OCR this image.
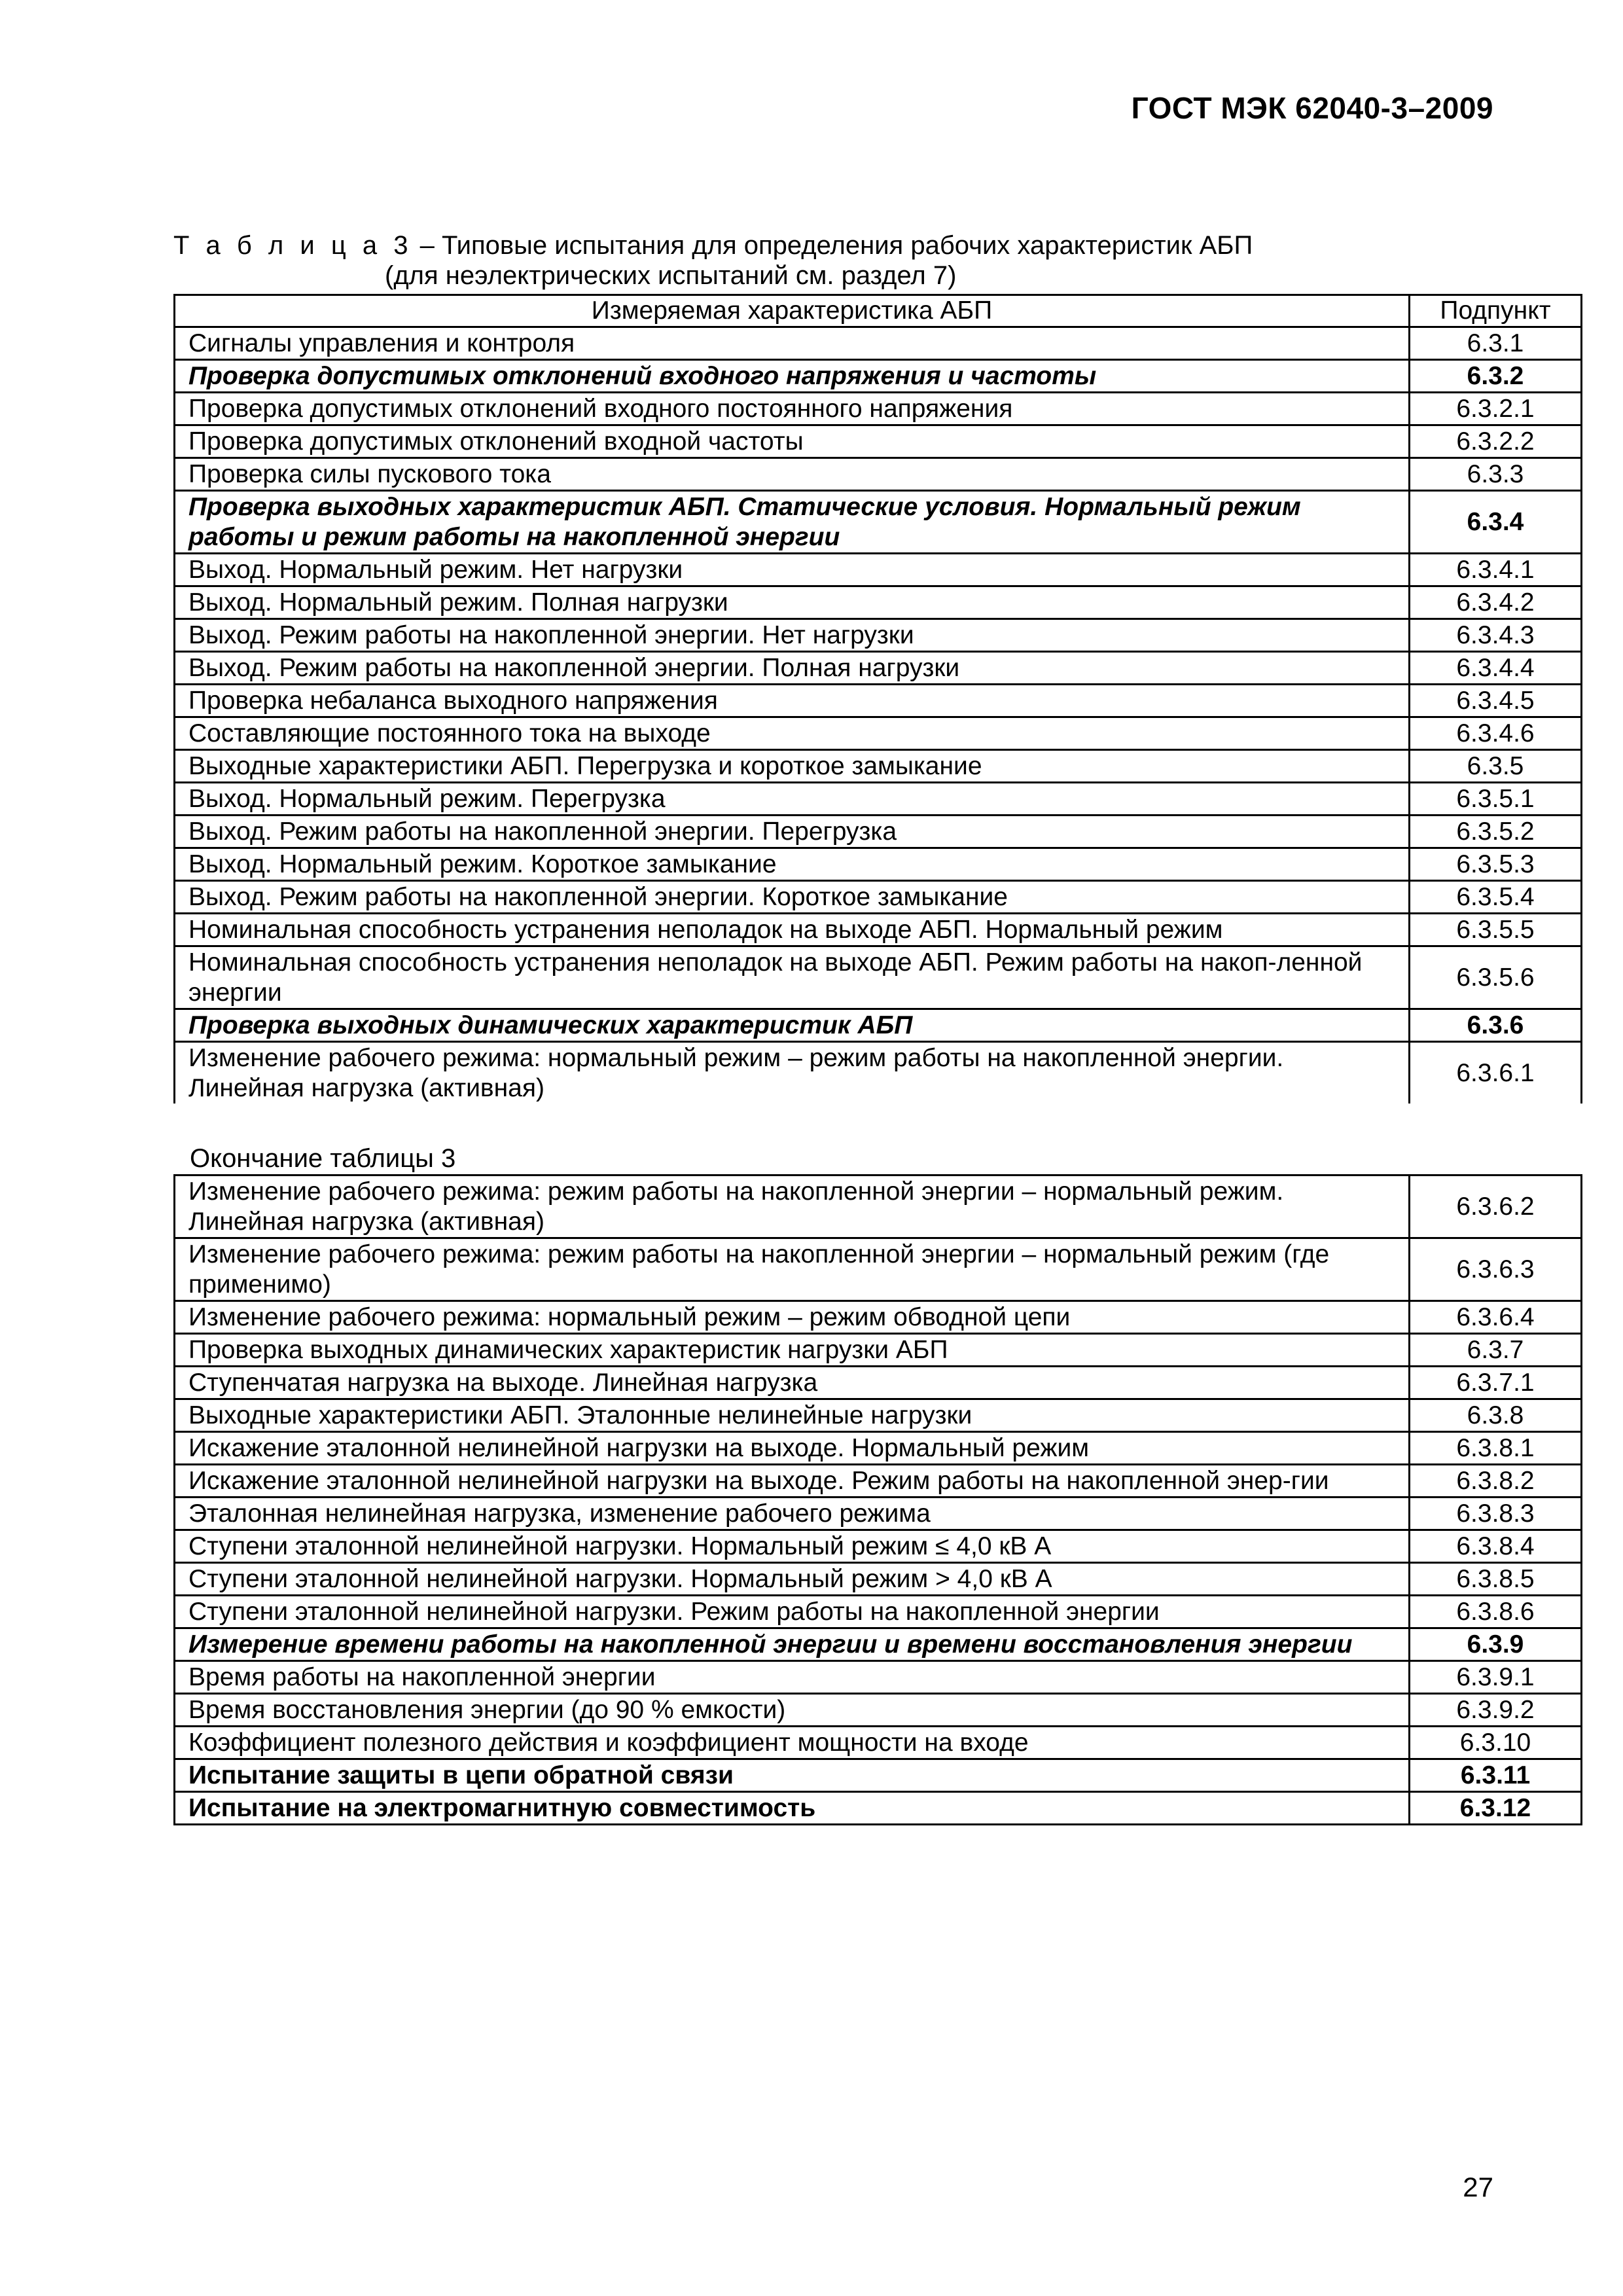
ГОСТ МЭК 62040-3–2009
Т а б л и ц а 3 – Типовые испытания для определения рабочих характеристик АБП
(для неэлектрических испытаний см. раздел 7)
Измеряемая характеристика АБП	Подпункт
Сигналы управления и контроля	6.3.1
Проверка допустимых отклонений входного напряжения и частоты	6.3.2
Проверка допустимых отклонений входного постоянного напряжения	6.3.2.1
Проверка допустимых отклонений входной частоты	6.3.2.2
Проверка силы пускового тока	6.3.3
Проверка выходных характеристик АБП. Статические условия. Нормальный режим работы и режим работы на накопленной энергии	6.3.4
Выход. Нормальный режим. Нет нагрузки	6.3.4.1
Выход. Нормальный режим. Полная нагрузки	6.3.4.2
Выход. Режим работы на накопленной энергии. Нет нагрузки	6.3.4.3
Выход. Режим работы на накопленной энергии. Полная нагрузки	6.3.4.4
Проверка небаланса выходного напряжения	6.3.4.5
Составляющие постоянного тока на выходе	6.3.4.6
Выходные характеристики АБП. Перегрузка и короткое замыкание	6.3.5
Выход. Нормальный режим. Перегрузка	6.3.5.1
Выход. Режим работы на накопленной энергии. Перегрузка	6.3.5.2
Выход. Нормальный режим. Короткое замыкание	6.3.5.3
Выход. Режим работы на накопленной энергии. Короткое замыкание	6.3.5.4
Номинальная способность устранения неполадок на выходе АБП. Нормальный режим	6.3.5.5
Номинальная способность устранения неполадок на выходе АБП. Режим работы на накоп-ленной энергии	6.3.5.6
Проверка выходных динамических характеристик АБП	6.3.6
Изменение рабочего режима: нормальный режим – режим работы на накопленной энергии. Линейная нагрузка (активная)	6.3.6.1
Окончание таблицы 3
Изменение рабочего режима: режим работы на накопленной энергии – нормальный режим. Линейная нагрузка (активная)	6.3.6.2
Изменение рабочего режима: режим работы на накопленной энергии – нормальный режим (где применимо)	6.3.6.3
Изменение рабочего режима: нормальный режим – режим обводной цепи	6.3.6.4
Проверка выходных динамических характеристик нагрузки АБП	6.3.7
Ступенчатая нагрузка на выходе. Линейная нагрузка	6.3.7.1
Выходные характеристики АБП. Эталонные нелинейные нагрузки	6.3.8
Искажение эталонной нелинейной нагрузки на выходе. Нормальный режим	6.3.8.1
Искажение эталонной нелинейной нагрузки на выходе. Режим работы на накопленной энер-гии	6.3.8.2
Эталонная нелинейная нагрузка, изменение рабочего режима	6.3.8.3
Ступени эталонной нелинейной нагрузки. Нормальный режим ≤ 4,0 кВ А	6.3.8.4
Ступени эталонной нелинейной нагрузки. Нормальный режим > 4,0 кВ А	6.3.8.5
Ступени эталонной нелинейной нагрузки. Режим работы на накопленной энергии	6.3.8.6
Измерение времени работы на накопленной энергии и времени восстановления энергии	6.3.9
Время работы на накопленной энергии	6.3.9.1
Время восстановления энергии (до 90 % емкости)	6.3.9.2
Коэффициент полезного действия и коэффициент мощности на входе	6.3.10
Испытание защиты в цепи обратной связи	6.3.11
Испытание на электромагнитную совместимость	6.3.12
27
